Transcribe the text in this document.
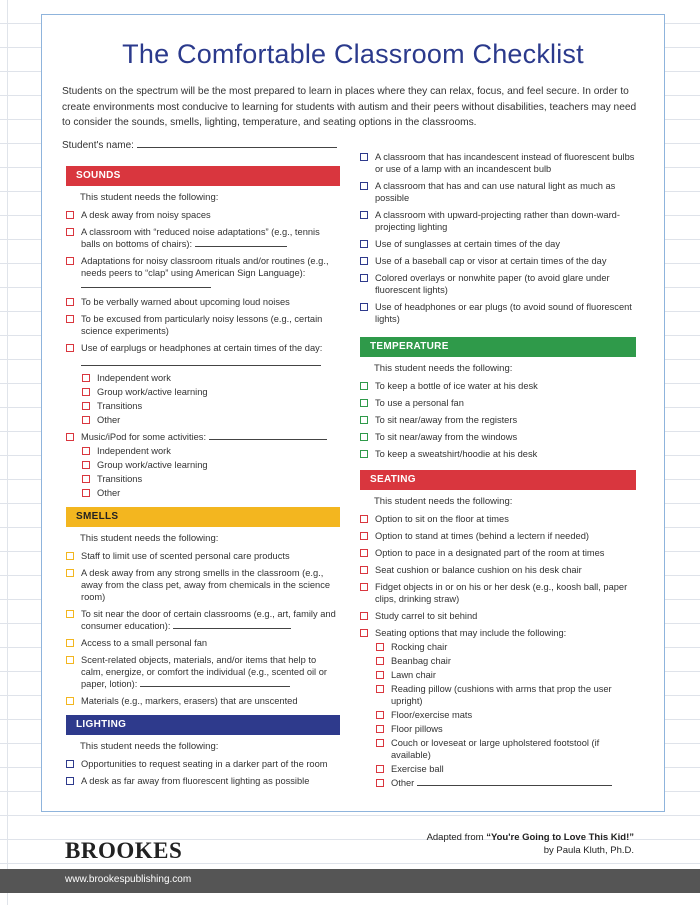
The Comfortable Classroom Checklist
Students on the spectrum will be the most prepared to learn in places where they can relax, focus, and feel secure. In order to create environments most conducive to learning for students with autism and their peers without disabilities, teachers may need to consider the sounds, smells, lighting, temperature, and seating options in the classrooms.
Student's name:
SOUNDS
This student needs the following:
A desk away from noisy spaces
A classroom with “reduced noise adaptations” (e.g., tennis balls on bottoms of chairs):
Adaptations for noisy classroom rituals and/or routines (e.g., needs peers to “clap” using American Sign Language):
To be verbally warned about upcoming loud noises
To be excused from particularly noisy lessons (e.g., certain science experiments)
Use of earplugs or headphones at certain times of the day:
Independent work
Group work/active learning
Transitions
Other
Music/iPod for some activities:
Independent work
Group work/active learning
Transitions
Other
SMELLS
This student needs the following:
Staff to limit use of scented personal care products
A desk away from any strong smells in the classroom (e.g., away from the class pet, away from chemicals in the science room)
To sit near the door of certain classrooms (e.g., art, family and consumer education):
Access to a small personal fan
Scent-related objects, materials, and/or items that help to calm, energize, or comfort the individual (e.g., scented oil or paper, lotion):
Materials (e.g., markers, erasers) that are unscented
LIGHTING
This student needs the following:
Opportunities to request seating in a darker part of the room
A desk as far away from fluorescent lighting as possible
A classroom that has incandescent instead of fluorescent bulbs or use of a lamp with an incandescent bulb
A classroom that has and can use natural light as much as possible
A classroom with upward-projecting rather than down-ward-projecting lighting
Use of sunglasses at certain times of the day
Use of a baseball cap or visor at certain times of the day
Colored overlays or nonwhite paper (to avoid glare under fluorescent lights)
Use of headphones or ear plugs (to avoid sound of fluorescent lights)
TEMPERATURE
This student needs the following:
To keep a bottle of ice water at his desk
To use a personal fan
To sit near/away from the registers
To sit near/away from the windows
To keep a sweatshirt/hoodie at his desk
SEATING
This student needs the following:
Option to sit on the floor at times
Option to stand at times (behind a lectern if needed)
Option to pace in a designated part of the room at times
Seat cushion or balance cushion on his desk chair
Fidget objects in or on his or her desk (e.g., koosh ball, paper clips, drinking straw)
Study carrel to sit behind
Seating options that may include the following:
Rocking chair
Beanbag chair
Lawn chair
Reading pillow (cushions with arms that prop the user upright)
Floor/exercise mats
Floor pillows
Couch or loveseat or large upholstered footstool (if available)
Exercise ball
Other
BROOKES
Adapted from “You're Going to Love This Kid!”
by Paula Kluth, Ph.D.
www.brookespublishing.com
